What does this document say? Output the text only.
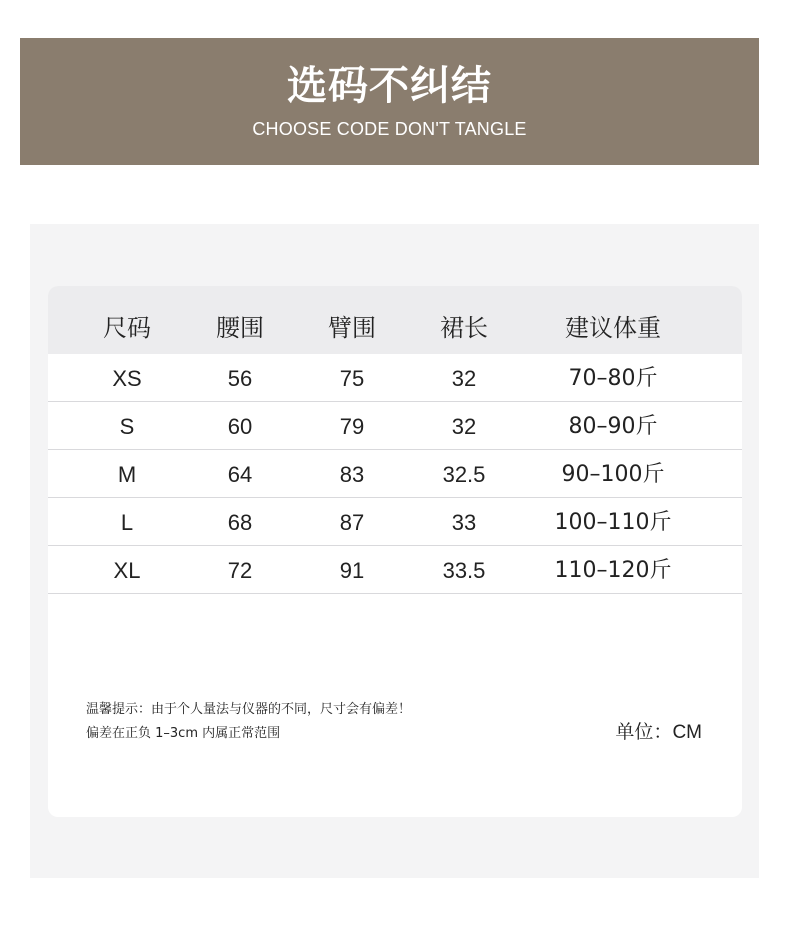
选码不纠结
CHOOSE CODE DON'T TANGLE
尺码	腰围	臂围	裙长	建议体重
XS	56	75	32	70–80斤
S	60	79	32	80–90斤
M	64	83	32.5	90–100斤
L	68	87	33	100–110斤
XL	72	91	33.5	110–120斤
温馨提示：由于个人量法与仪器的不同，尺寸会有偏差！
偏差在正负 1–3cm 内属正常范围	单位：CM
